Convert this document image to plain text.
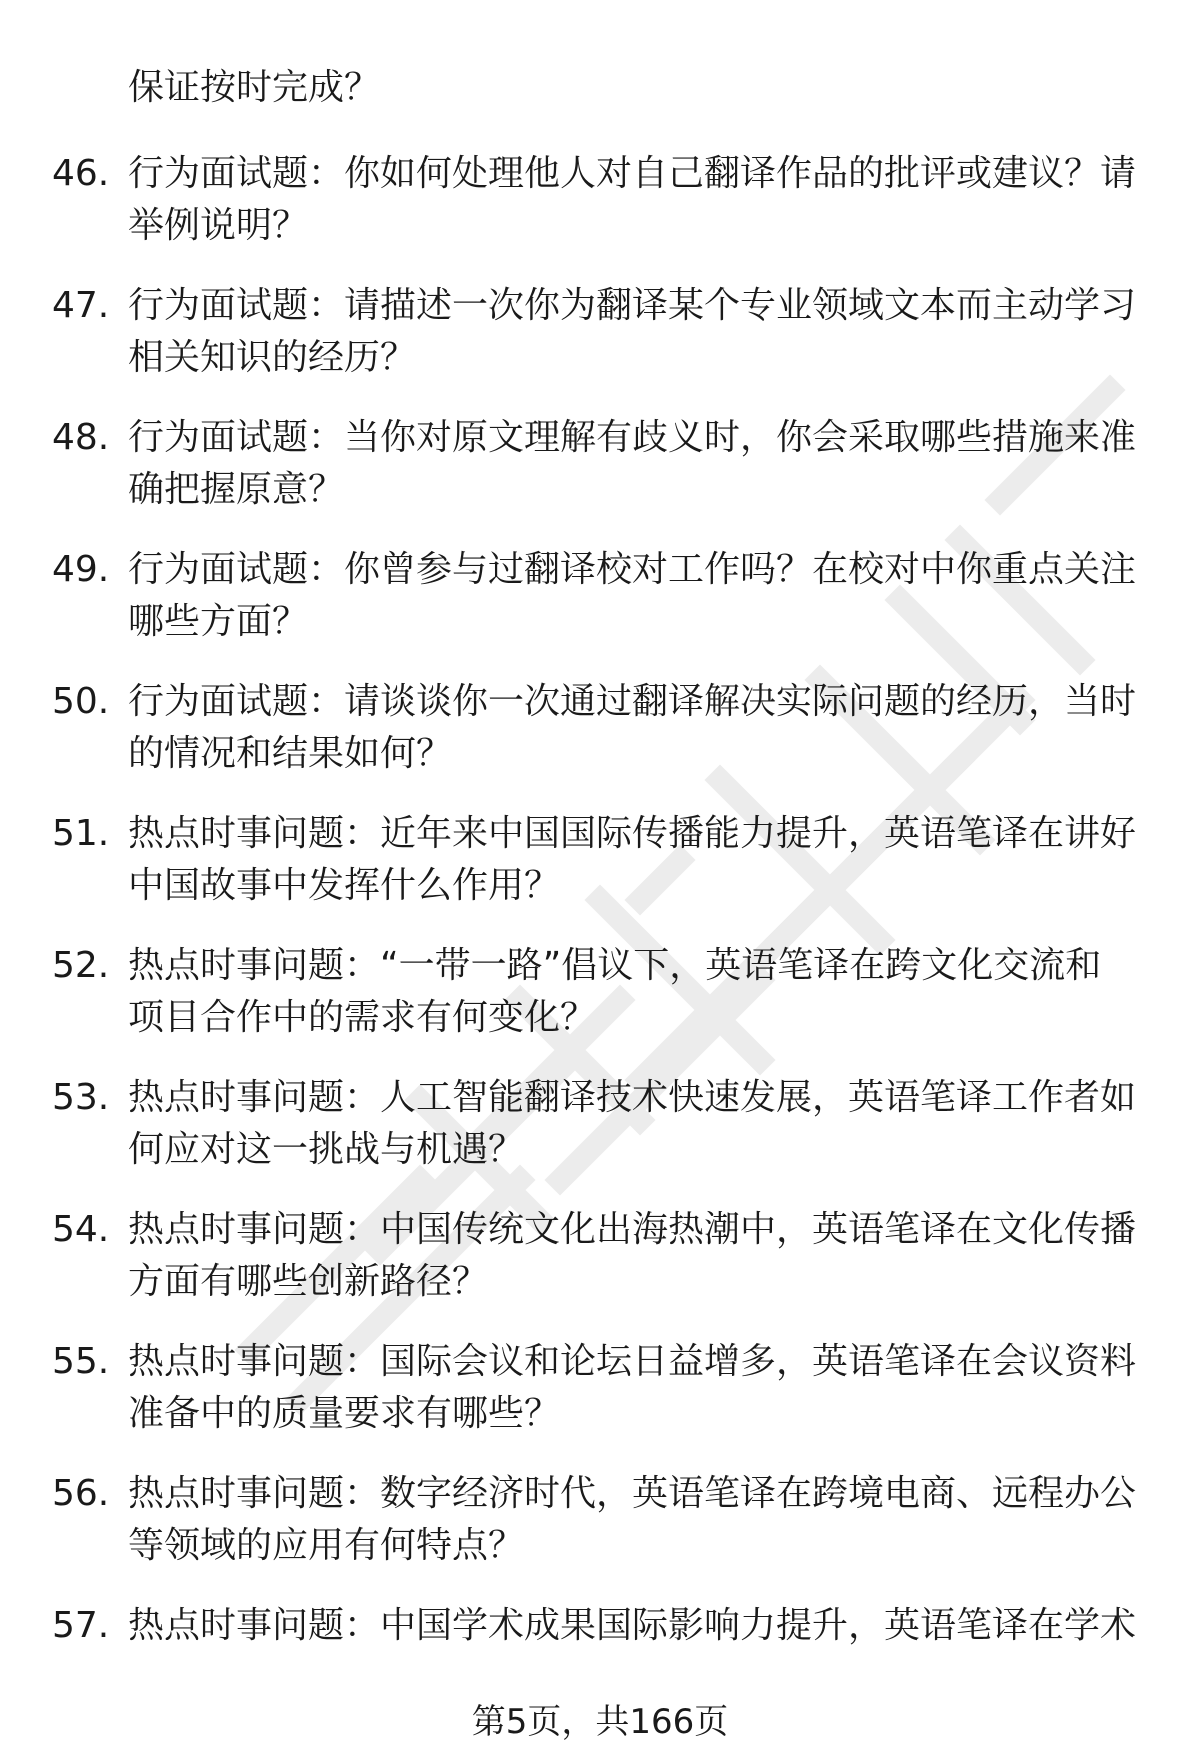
保证按时完成？
46. 行为面试题：你如何处理他人对自己翻译作品的批评或建议？请
举例说明？
47. 行为面试题：请描述一次你为翻译某个专业领域文本而主动学习
相关知识的经历？
48. 行为面试题：当你对原文理解有歧义时，你会采取哪些措施来准
确把握原意？
49. 行为面试题：你曾参与过翻译校对工作吗？在校对中你重点关注
哪些方面？
50. 行为面试题：请谈谈你一次通过翻译解决实际问题的经历，当时
的情况和结果如何？
51. 热点时事问题：近年来中国国际传播能力提升，英语笔译在讲好
中国故事中发挥什么作用？
52. 热点时事问题：“一带一路”倡议下，英语笔译在跨文化交流和
项目合作中的需求有何变化？
53. 热点时事问题：人工智能翻译技术快速发展，英语笔译工作者如
何应对这一挑战与机遇？
54. 热点时事问题：中国传统文化出海热潮中，英语笔译在文化传播
方面有哪些创新路径？
55. 热点时事问题：国际会议和论坛日益增多，英语笔译在会议资料
准备中的质量要求有哪些？
56. 热点时事问题：数字经济时代，英语笔译在跨境电商、远程办公
等领域的应用有何特点？
57. 热点时事问题：中国学术成果国际影响力提升，英语笔译在学术
第5页，共166页
